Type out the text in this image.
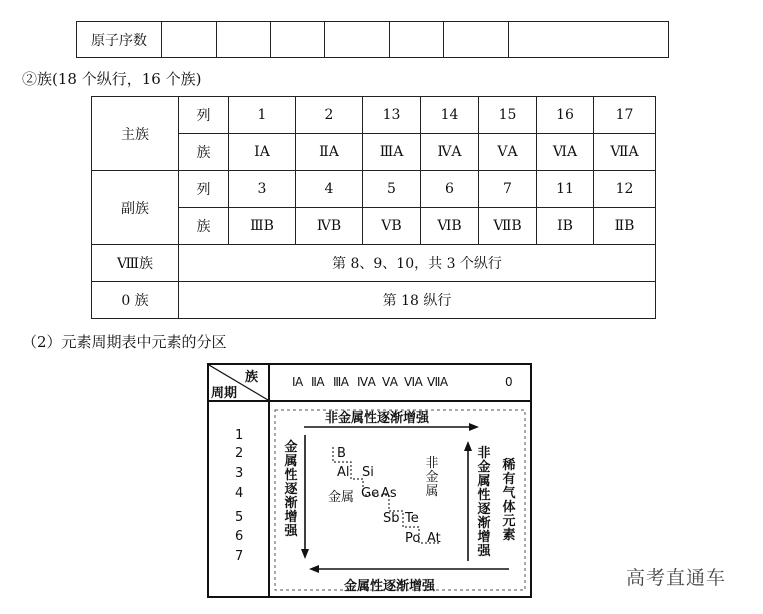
原子序数							
②族(18 个纵行，16 个族)
主族	列	1	2	13	14	15	16	17
	族	ⅠA	ⅡA	ⅢA	ⅣA	ⅤA	ⅥA	ⅦA
副族	列	3	4	5	6	7	11	12
	族	ⅢB	ⅣB	ⅤB	ⅥB	ⅦB	ⅠB	ⅡB
Ⅷ族	第 8、9、10，共 3 个纵行							
0 族	第 18 纵行							
（2）元素周期表中元素的分区
族
周期
ⅠA ⅡA ⅢA ⅣA ⅤA ⅥA ⅦA	0
1
2
3
4
5
6
7
非金属性逐渐增强
金属性逐渐增强
金属性逐渐增强
非金属性逐渐增强
稀有气体元素
B
Al Si
Ge As
Sb Te
Po At
金属
非金属
高考直通车
